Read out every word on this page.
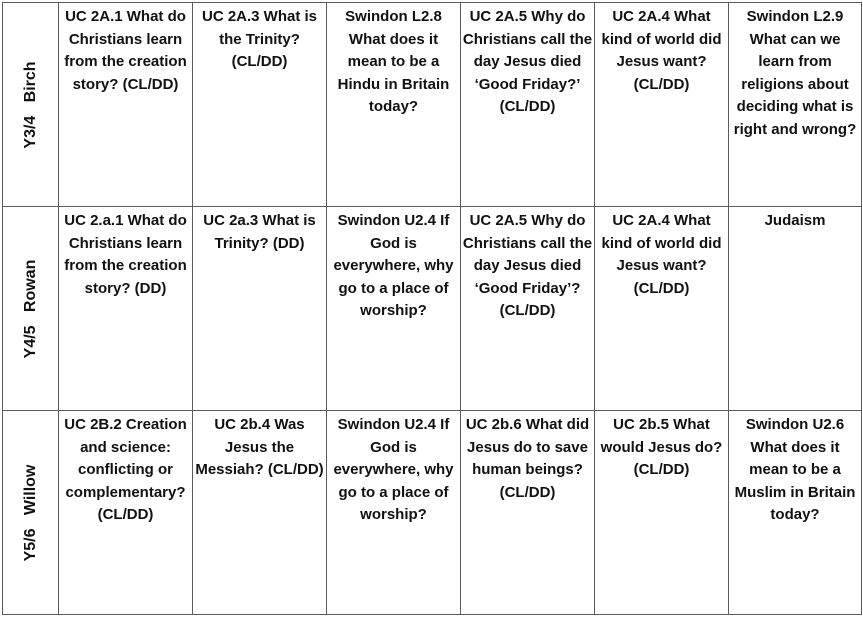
Y3/4   Birch	UC 2A.1 What do Christians learn from the creation story? (CL/DD)	UC 2A.3 What is the Trinity? (CL/DD)	Swindon L2.8 What does it mean to be a Hindu in Britain today?	UC 2A.5 Why do Christians call the day Jesus died ‘Good Friday?’ (CL/DD)	UC 2A.4 What kind of world did Jesus want? (CL/DD)	Swindon L2.9 What can we learn from religions about deciding what is right and wrong?

Y4/5   Rowan	UC 2.a.1 What do Christians learn from the creation story? (DD)	UC 2a.3 What is Trinity? (DD)	Swindon U2.4 If God is everywhere, why go to a place of worship?	UC 2A.5 Why do Christians call the day Jesus died ‘Good Friday’? (CL/DD)	UC 2A.4 What kind of world did Jesus want? (CL/DD)	Judaism

Y5/6   Willow	UC 2B.2 Creation and science: conflicting or complementary? (CL/DD)	UC 2b.4 Was Jesus the Messiah? (CL/DD)	Swindon U2.4 If God is everywhere, why go to a place of worship?	UC 2b.6 What did Jesus do to save human beings? (CL/DD)	UC 2b.5 What would Jesus do? (CL/DD)	Swindon U2.6 What does it mean to be a Muslim in Britain today?
